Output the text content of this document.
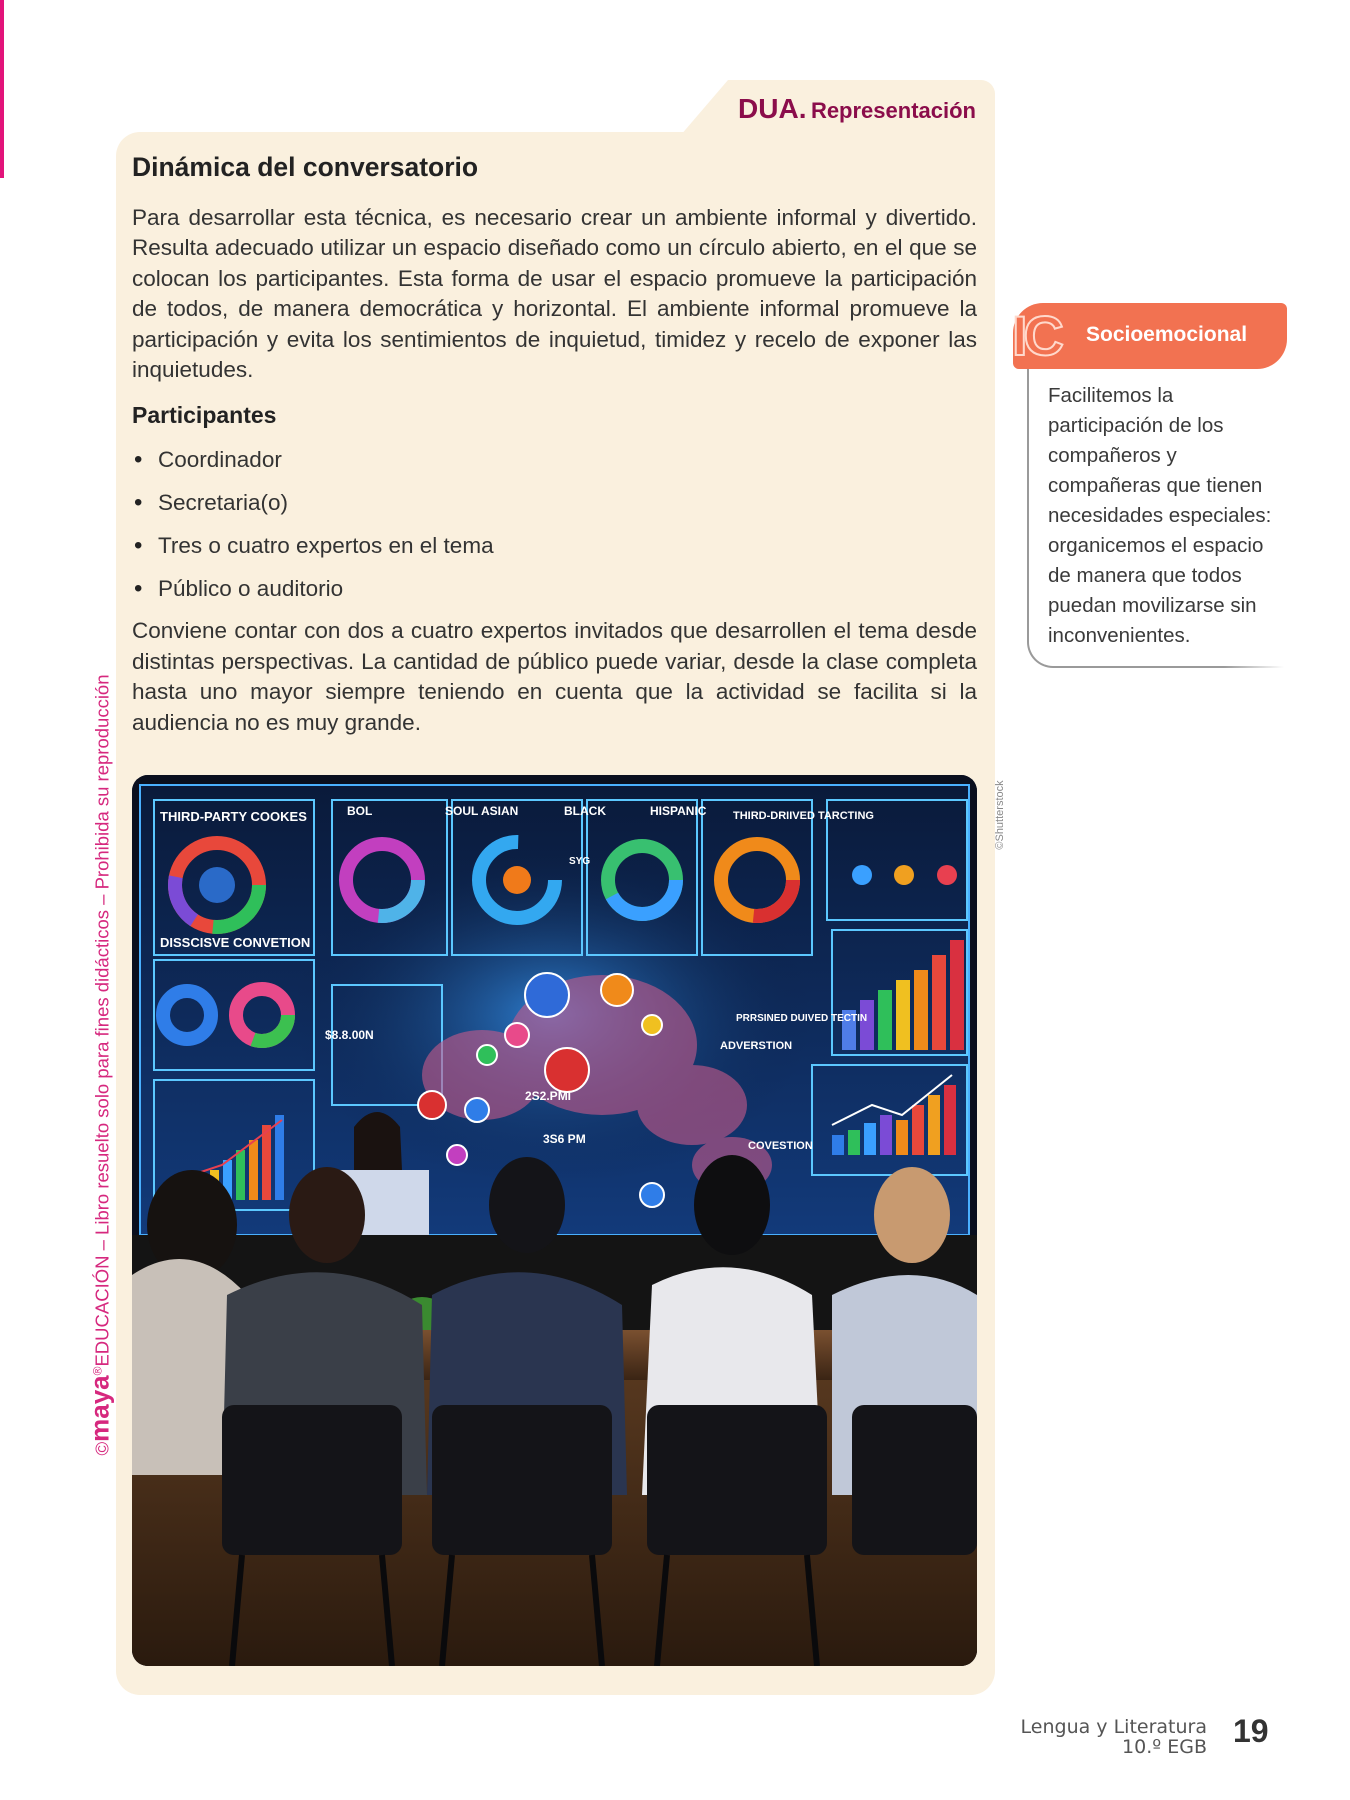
©maya®EDUCACIÓN – Libro resuelto solo para fines didácticos – Prohibida su reproducción
DUA. Representación
Dinámica del conversatorio

Para desarrollar esta técnica, es necesario crear un ambiente informal y divertido. Resulta adecuado utilizar un espacio diseñado como un círculo abierto, en el que se colocan los participantes. Esta forma de usar el espacio promueve la participación de todos, de manera democrática y horizontal. El ambiente informal promueve la participación y evita los sentimientos de inquietud, timidez y recelo de exponer las inquietudes.

Participantes
• Coordinador
• Secretaria(o)
• Tres o cuatro expertos en el tema
• Público o auditorio

Conviene contar con dos a cuatro expertos invitados que desarrollen el tema desde distintas perspectivas. La cantidad de público puede variar, desde la clase completa hasta uno mayor siempre teniendo en cuenta que la actividad se facilita si la audiencia no es muy grande.

THIRD-PARTY COOKES	BOL	SOUL ASIAN	BLACK	HISPANIC THIRD-DRIIVED TARCTING
DISSCISVE CONVETION
PRRSINED DUIVED TECTIN
ADVERSTION
COVESTION
$8.8.00N
2S2.PMI
3S6 PM
SYG
©Shutterstock
IC	Socioemocional
Facilitemos la participación de los compañeros y compañeras que tienen necesidades especiales: organicemos el espacio de manera que todos puedan movilizarse sin inconvenientes.
Lengua y Literatura
10.º EGB 19
